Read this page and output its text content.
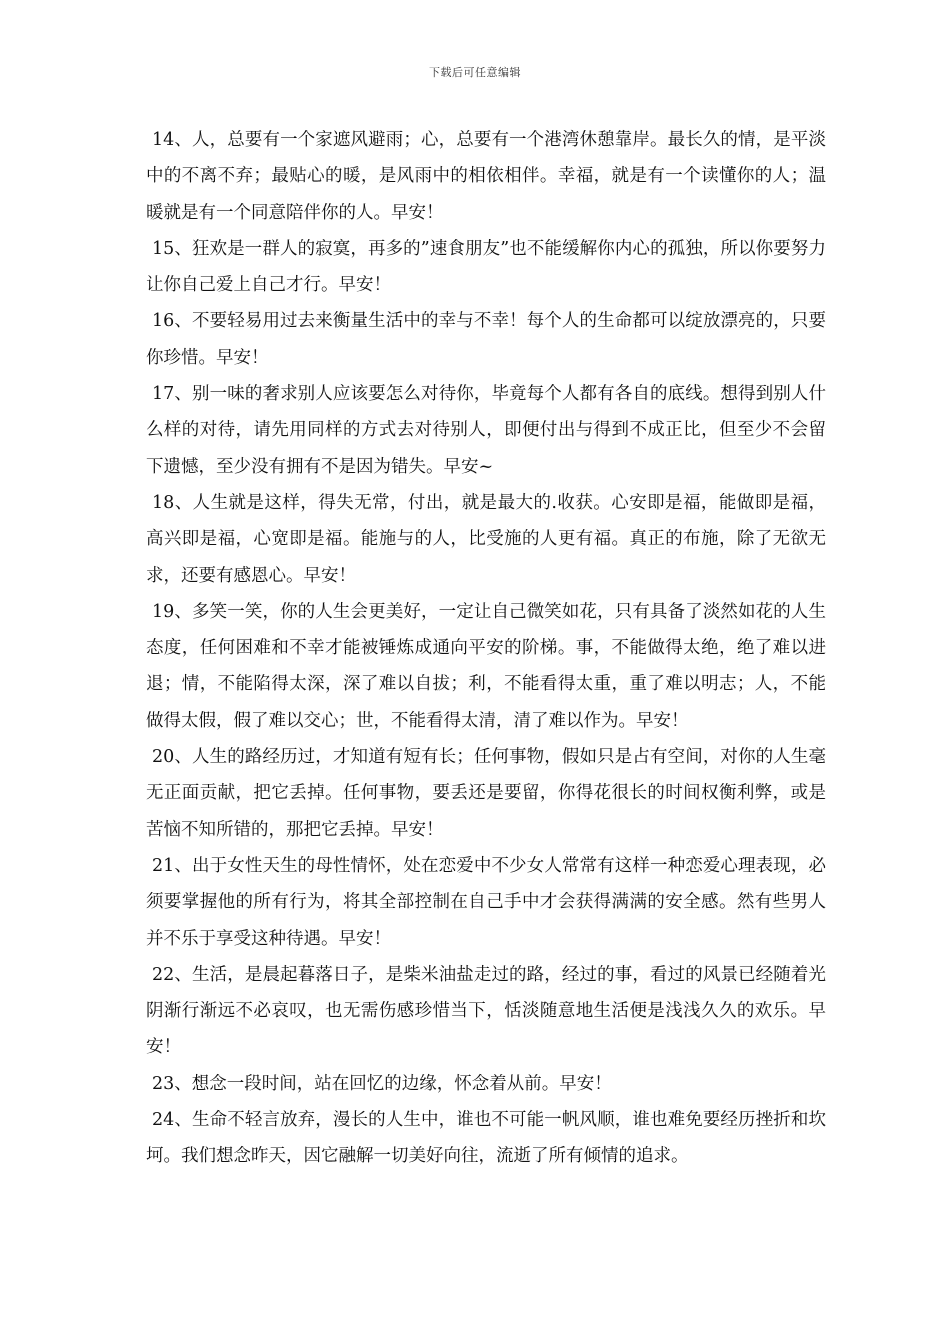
下载后可任意编辑

14、人，总要有一个家遮风避雨；心，总要有一个港湾休憩靠岸。最长久的情，是平淡中的不离不弃；最贴心的暖，是风雨中的相依相伴。幸福，就是有一个读懂你的人；温暖就是有一个同意陪伴你的人。早安！

15、狂欢是一群人的寂寞，再多的”速食朋友”也不能缓解你内心的孤独，所以你要努力让你自己爱上自己才行。早安！

16、不要轻易用过去来衡量生活中的幸与不幸！每个人的生命都可以绽放漂亮的，只要你珍惜。早安！

17、别一味的奢求别人应该要怎么对待你，毕竟每个人都有各自的底线。想得到别人什么样的对待，请先用同样的方式去对待别人，即便付出与得到不成正比，但至少不会留下遗憾，至少没有拥有不是因为错失。早安~

18、人生就是这样，得失无常，付出，就是最大的.收获。心安即是福，能做即是福，高兴即是福，心宽即是福。能施与的人，比受施的人更有福。真正的布施，除了无欲无求，还要有感恩心。早安！

19、多笑一笑，你的人生会更美好，一定让自己微笑如花，只有具备了淡然如花的人生态度，任何困难和不幸才能被锤炼成通向平安的阶梯。事，不能做得太绝，绝了难以进退；情，不能陷得太深，深了难以自拔；利，不能看得太重，重了难以明志；人，不能做得太假，假了难以交心；世，不能看得太清，清了难以作为。早安！

20、人生的路经历过，才知道有短有长；任何事物，假如只是占有空间，对你的人生毫无正面贡献，把它丢掉。任何事物，要丢还是要留，你得花很长的时间权衡利弊，或是苦恼不知所错的，那把它丢掉。早安！

21、出于女性天生的母性情怀，处在恋爱中不少女人常常有这样一种恋爱心理表现，必须要掌握他的所有行为，将其全部控制在自己手中才会获得满满的安全感。然有些男人并不乐于享受这种待遇。早安！

22、生活，是晨起暮落日子，是柴米油盐走过的路，经过的事，看过的风景已经随着光阴渐行渐远不必哀叹，也无需伤感珍惜当下，恬淡随意地生活便是浅浅久久的欢乐。早安！

23、想念一段时间，站在回忆的边缘，怀念着从前。早安！

24、生命不轻言放弃，漫长的人生中，谁也不可能一帆风顺，谁也难免要经历挫折和坎坷。我们想念昨天，因它融解一切美好向往，流逝了所有倾情的追求。
